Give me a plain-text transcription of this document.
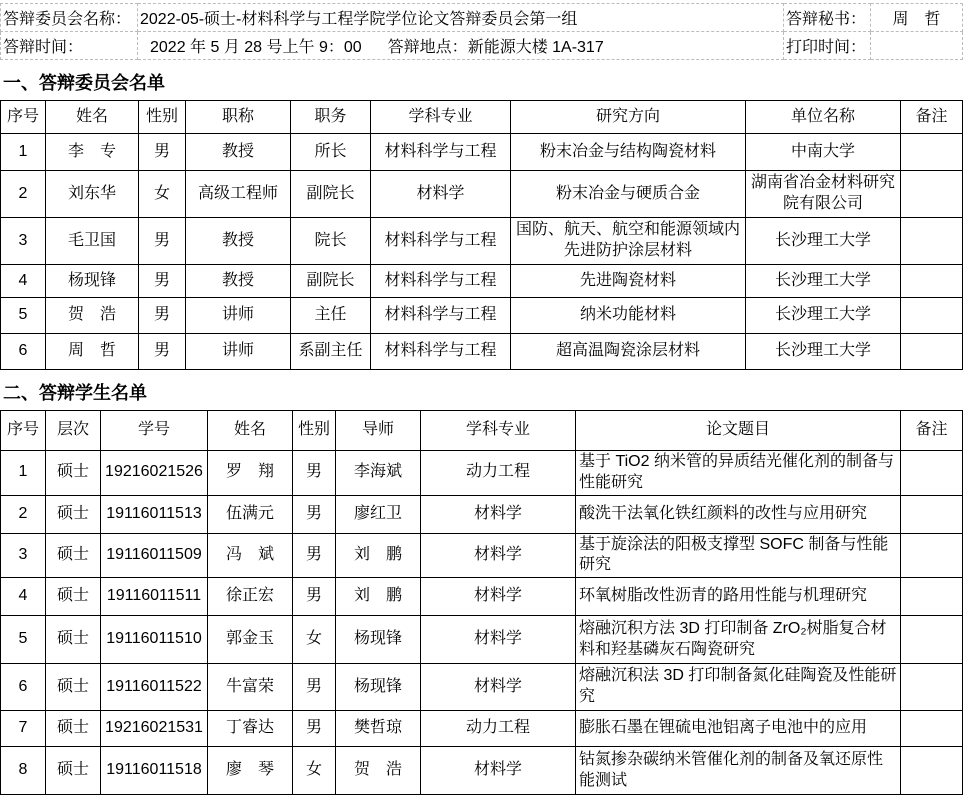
答辩委员会名称：	2022-05-硕士-材料科学与工程学院学位论文答辩委员会第一组	答辩秘书：	周　哲
答辩时间：	2022 年 5 月 28 号上午 9：00 答辩地点：新能源大楼 1A-317	打印时间：	
一、答辩委员会名单
序号	姓名	性别	职称	职务	学科专业	研究方向	单位名称	备注
1	李　专	男	教授	所长	材料科学与工程	粉末冶金与结构陶瓷材料	中南大学	
2	刘东华	女	高级工程师	副院长	材料学	粉末冶金与硬质合金	湖南省冶金材料研究院有限公司	
3	毛卫国	男	教授	院长	材料科学与工程	国防、航天、航空和能源领域内先进防护涂层材料	长沙理工大学	
4	杨现锋	男	教授	副院长	材料科学与工程	先进陶瓷材料	长沙理工大学	
5	贺　浩	男	讲师	主任	材料科学与工程	纳米功能材料	长沙理工大学	
6	周　哲	男	讲师	系副主任	材料科学与工程	超高温陶瓷涂层材料	长沙理工大学	
二、答辩学生名单
序号	层次	学号	姓名	性别	导师	学科专业	论文题目	备注
1	硕士	19216021526	罗　翔	男	李海斌	动力工程	基于 TiO2 纳米管的异质结光催化剂的制备与性能研究	
2	硕士	19116011513	伍满元	男	廖红卫	材料学	酸洗干法氧化铁红颜料的改性与应用研究	
3	硕士	19116011509	冯　斌	男	刘　鹏	材料学	基于旋涂法的阳极支撑型 SOFC 制备与性能研究	
4	硕士	19116011511	徐正宏	男	刘　鹏	材料学	环氧树脂改性沥青的路用性能与机理研究	
5	硕士	19116011510	郭金玉	女	杨现锋	材料学	熔融沉积方法 3D 打印制备 ZrO₂树脂复合材料和羟基磷灰石陶瓷研究	
6	硕士	19116011522	牛富荣	男	杨现锋	材料学	熔融沉积法 3D 打印制备氮化硅陶瓷及性能研究	
7	硕士	19216021531	丁睿达	男	樊哲琼	动力工程	膨胀石墨在锂硫电池铝离子电池中的应用	
8	硕士	19116011518	廖　琴	女	贺　浩	材料学	钴氮掺杂碳纳米管催化剂的制备及氧还原性能测试	
